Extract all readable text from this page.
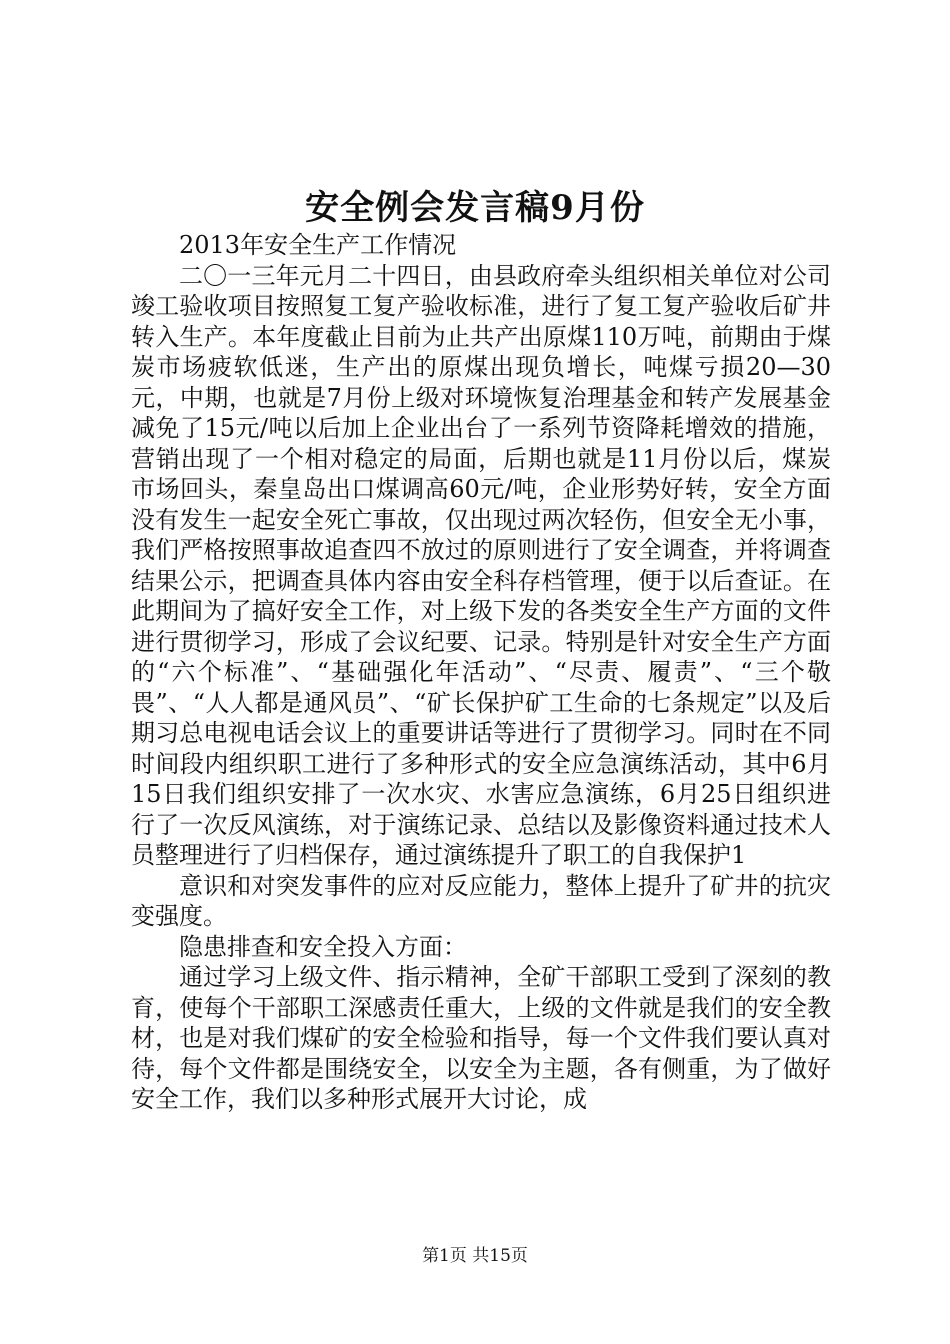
安全例会发言稿9月份

2013年安全生产工作情况

二〇一三年元月二十四日，由县政府牵头组织相关单位对公司竣工验收项目按照复工复产验收标准，进行了复工复产验收后矿井转入生产。本年度截止目前为止共产出原煤110万吨，前期由于煤炭市场疲软低迷，生产出的原煤出现负增长，吨煤亏损20—30元，中期，也就是7月份上级对环境恢复治理基金和转产发展基金减免了15元/吨以后加上企业出台了一系列节资降耗增效的措施，营销出现了一个相对稳定的局面，后期也就是11月份以后，煤炭市场回头，秦皇岛出口煤调高60元/吨，企业形势好转，安全方面没有发生一起安全死亡事故，仅出现过两次轻伤，但安全无小事，我们严格按照事故追查四不放过的原则进行了安全调查，并将调查结果公示，把调查具体内容由安全科存档管理，便于以后查证。在此期间为了搞好安全工作，对上级下发的各类安全生产方面的文件进行贯彻学习，形成了会议纪要、记录。特别是针对安全生产方面的“六个标准”、“基础强化年活动”、“尽责、履责”、“三个敬畏”、“人人都是通风员”、“矿长保护矿工生命的七条规定”以及后期习总电视电话会议上的重要讲话等进行了贯彻学习。同时在不同时间段内组织职工进行了多种形式的安全应急演练活动，其中6月15日我们组织安排了一次水灾、水害应急演练，6月25日组织进行了一次反风演练，对于演练记录、总结以及影像资料通过技术人员整理进行了归档保存，通过演练提升了职工的自我保护1

意识和对突发事件的应对反应能力，整体上提升了矿井的抗灾变强度。

隐患排查和安全投入方面：

通过学习上级文件、指示精神，全矿干部职工受到了深刻的教育，使每个干部职工深感责任重大，上级的文件就是我们的安全教材，也是对我们煤矿的安全检验和指导，每一个文件我们要认真对待，每个文件都是围绕安全，以安全为主题，各有侧重，为了做好安全工作，我们以多种形式展开大讨论，成

第1页 共15页
